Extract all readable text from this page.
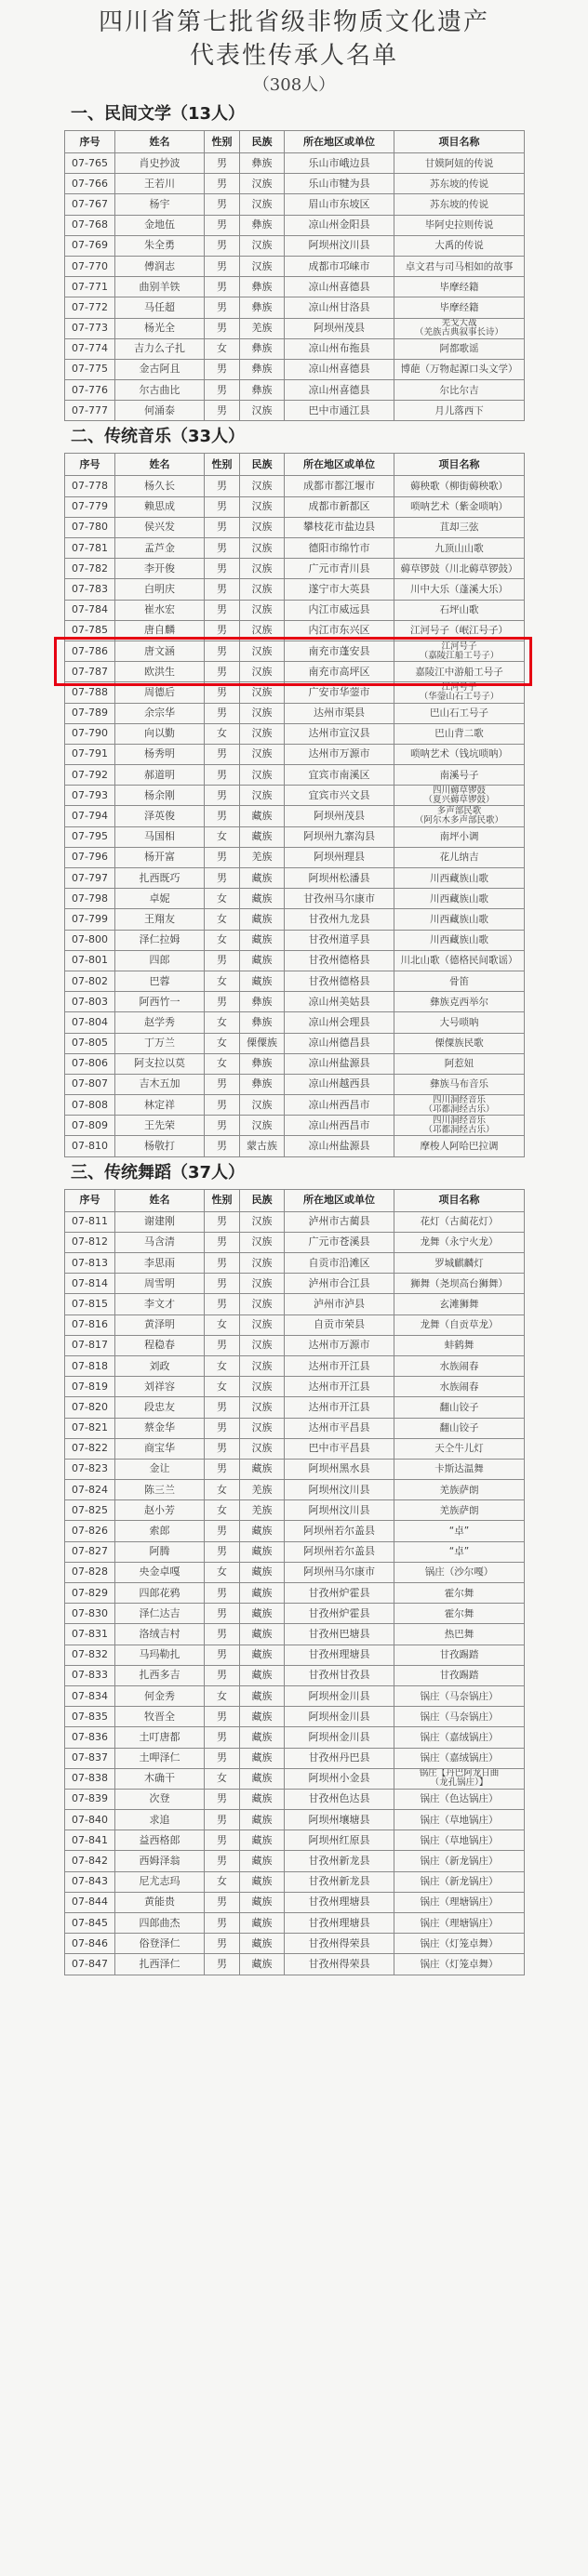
四川省第七批省级非物质文化遗产
代表性传承人名单
（308人）
一、民间文学（13人）
序号	姓名	性别	民族	所在地区或单位	项目名称
07-765	肖史抄波	男	彝族	乐山市峨边县	甘嫫阿妞的传说
07-766	王若川	男	汉族	乐山市犍为县	苏东坡的传说
07-767	杨宇	男	汉族	眉山市东坡区	苏东坡的传说
07-768	金地伍	男	彝族	凉山州金阳县	毕阿史拉则传说
07-769	朱全勇	男	汉族	阿坝州汶川县	大禹的传说
07-770	傅润志	男	汉族	成都市邛崃市	卓文君与司马相如的故事
07-771	曲别羊铁	男	彝族	凉山州喜德县	毕摩经籍
07-772	马任超	男	彝族	凉山州甘洛县	毕摩经籍
07-773	杨光全	男	羌族	阿坝州茂县	羌戈大战
（羌族古典叙事长诗）

07-774	吉力么子扎	女	彝族	凉山州布拖县	阿都歌谣
07-775	金古阿且	男	彝族	凉山州喜德县	博葩（万物起源口头文学）
07-776	尔古曲比	男	彝族	凉山州喜德县	尔比尔吉
07-777	何涌泰	男	汉族	巴中市通江县	月儿落西下
二、传统音乐（33人）
序号	姓名	性别	民族	所在地区或单位	项目名称
07-778	杨久长	男	汉族	成都市都江堰市	薅秧歌（柳街薅秧歌）
07-779	赖思成	男	汉族	成都市新都区	唢呐艺术（紫金唢呐）
07-780	侯兴发	男	汉族	攀枝花市盐边县	苴却三弦
07-781	孟芦金	男	汉族	德阳市绵竹市	九顶山山歌
07-782	李开俊	男	汉族	广元市青川县	薅草锣鼓（川北薅草锣鼓）
07-783	白明庆	男	汉族	遂宁市大英县	川中大乐（蓬溪大乐）
07-784	崔水宏	男	汉族	内江市威远县	石坪山歌
07-785	唐自麟	男	汉族	内江市东兴区	江河号子（岷江号子）
07-786	唐文涵	男	汉族	南充市蓬安县	江河号子
（嘉陵江船工号子）

07-787	欧洪生	男	汉族	南充市高坪区	嘉陵江中游船工号子
07-788	周德后	男	汉族	广安市华蓥市	江河号子
（华蓥山石工号子）

07-789	余宗华	男	汉族	达州市渠县	巴山石工号子
07-790	向以勤	女	汉族	达州市宣汉县	巴山背二歌
07-791	杨秀明	男	汉族	达州市万源市	唢呐艺术（钱坑唢呐）
07-792	郝道明	男	汉族	宜宾市南溪区	南溪号子
07-793	杨余刚	男	汉族	宜宾市兴文县	四川薅草锣鼓
（夏兴薅草锣鼓）

07-794	泽英俊	男	藏族	阿坝州茂县	多声部民歌
（阿尔木多声部民歌）

07-795	马国相	女	藏族	阿坝州九寨沟县	南坪小调
07-796	杨开富	男	羌族	阿坝州理县	花儿纳吉
07-797	扎西既巧	男	藏族	阿坝州松潘县	川西藏族山歌
07-798	卓妮	女	藏族	甘孜州马尔康市	川西藏族山歌
07-799	王翔友	女	藏族	甘孜州九龙县	川西藏族山歌
07-800	泽仁拉姆	女	藏族	甘孜州道孚县	川西藏族山歌
07-801	四郎	男	藏族	甘孜州德格县	川北山歌（德格民间歌谣）
07-802	巴蓉	女	藏族	甘孜州德格县	骨笛
07-803	阿西竹一	男	彝族	凉山州美姑县	彝族克西举尔
07-804	赵学秀	女	彝族	凉山州会理县	大号唢呐
07-805	丁万兰	女	傈僳族	凉山州德昌县	傈僳族民歌
07-806	阿支拉以莫	女	彝族	凉山州盐源县	阿惹妞
07-807	吉木五加	男	彝族	凉山州越西县	彝族马布音乐
07-808	林定祥	男	汉族	凉山州西昌市	四川洞经音乐
（邛都洞经古乐）

07-809	王先荣	男	汉族	凉山州西昌市	四川洞经音乐
（邛都洞经古乐）

07-810	杨敬打	男	蒙古族	凉山州盐源县	摩梭人阿哈巴拉调
三、传统舞蹈（37人）
序号	姓名	性别	民族	所在地区或单位	项目名称
07-811	谢建刚	男	汉族	泸州市古蔺县	花灯（古蔺花灯）
07-812	马含清	男	汉族	广元市苍溪县	龙舞（永宁火龙）
07-813	李思雨	男	汉族	自贡市沿滩区	罗城麒麟灯
07-814	周雪明	男	汉族	泸州市合江县	狮舞（尧坝高台狮舞）
07-815	李文才	男	汉族	泸州市泸县	玄滩狮舞
07-816	黄泽明	女	汉族	自贡市荣县	龙舞（自贡草龙）
07-817	程稳春	男	汉族	达州市万源市	蚌鹤舞
07-818	刘政	女	汉族	达州市开江县	水族闹春
07-819	刘祥容	女	汉族	达州市开江县	水族闹春
07-820	段忠友	男	汉族	达州市开江县	翻山铰子
07-821	蔡金华	男	汉族	达州市平昌县	翻山铰子
07-822	商宝华	男	汉族	巴中市平昌县	天仝牛儿灯
07-823	金让	男	藏族	阿坝州黑水县	卡斯达温舞
07-824	陈三兰	女	羌族	阿坝州汶川县	羌族萨朗
07-825	赵小芳	女	羌族	阿坝州汶川县	羌族萨朗
07-826	索郎	男	藏族	阿坝州若尔盖县	“卓”
07-827	阿腾	男	藏族	阿坝州若尔盖县	“卓”
07-828	央金卓嘎	女	藏族	阿坝州马尔康市	锅庄（沙尔嘎）
07-829	四郎花鸦	男	藏族	甘孜州炉霍县	霍尔舞
07-830	泽仁达吉	男	藏族	甘孜州炉霍县	霍尔舞
07-831	洛绒吉村	男	藏族	甘孜州巴塘县	热巴舞
07-832	马玛勒扎	男	藏族	甘孜州理塘县	甘孜踢踏
07-833	扎西多吉	男	藏族	甘孜州甘孜县	甘孜踢踏
07-834	何金秀	女	藏族	阿坝州金川县	锅庄（马奈锅庄）
07-835	牧晋全	男	藏族	阿坝州金川县	锅庄（马奈锅庄）
07-836	土叮唐都	男	藏族	阿坝州金川县	锅庄（嘉绒锅庄）
07-837	土呷泽仁	男	藏族	甘孜州丹巴县	锅庄（嘉绒锅庄）
07-838	木确干	女	藏族	阿坝州小金县	锅庄【丹巴阿龙日曲
（龙孔锅庄）】

07-839	次登	男	藏族	甘孜州色达县	锅庄（色达锅庄）
07-840	求追	男	藏族	阿坝州壤塘县	锅庄（草地锅庄）
07-841	益西格郎	男	藏族	阿坝州红原县	锅庄（草地锅庄）
07-842	西姆泽翁	男	藏族	甘孜州新龙县	锅庄（新龙锅庄）
07-843	尼尤志玛	女	藏族	甘孜州新龙县	锅庄（新龙锅庄）
07-844	黄能贵	男	藏族	甘孜州理塘县	锅庄（理塘锅庄）
07-845	四郎曲杰	男	藏族	甘孜州理塘县	锅庄（理塘锅庄）
07-846	俗登泽仁	男	藏族	甘孜州得荣县	锅庄（灯笼卓舞）
07-847	扎西泽仁	男	藏族	甘孜州得荣县	锅庄（灯笼卓舞）
